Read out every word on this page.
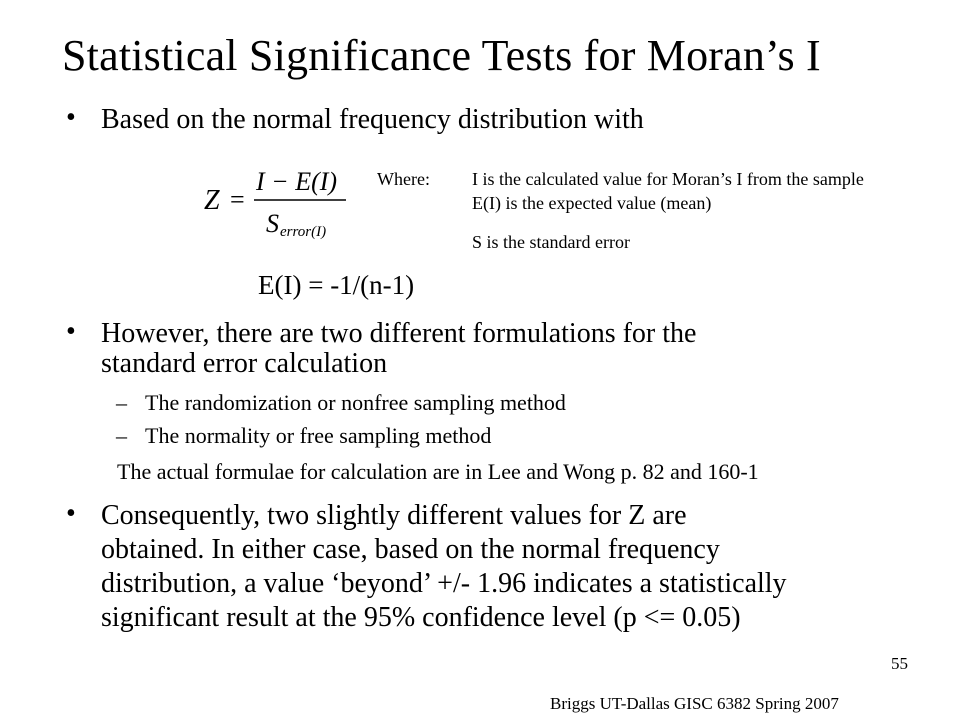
Statistical Significance Tests for Moran’s I
• Based on the normal frequency distribution with
Z =
I − E(I)
S error(I)
Where: I is the calculated value for Moran’s I from the sample
E(I) is the expected value (mean)
S is the standard error
E(I) = -1/(n-1)
• However, there are two different formulations for the
standard error calculation
– The randomization or nonfree sampling method
– The normality or free sampling method
The actual formulae for calculation are in Lee and Wong p. 82 and 160-1
• Consequently, two slightly different values for Z are
obtained. In either case, based on the normal frequency
distribution, a value ‘beyond’ +/- 1.96 indicates a statistically
significant result at the 95% confidence level (p <= 0.05)
55
Briggs UT-Dallas GISC 6382 Spring 2007
